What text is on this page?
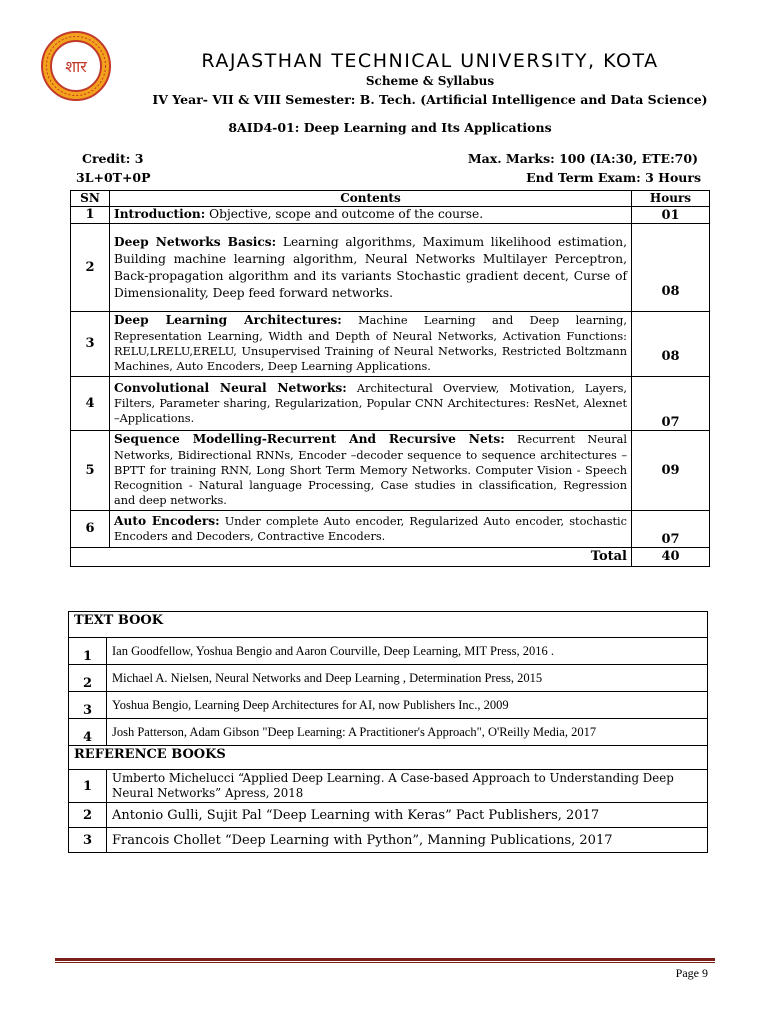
शार	RAJASTHAN TECHNICAL UNIVERSITY, KOTA
Scheme & Syllabus
IV Year- VII & VIII Semester: B. Tech. (Artificial Intelligence and Data Science)
8AID4-01: Deep Learning and Its Applications
Credit: 3
3L+0T+0P
Max. Marks: 100 (IA:30, ETE:70)
End Term Exam: 3 Hours
SN	Contents	Hours
1	Introduction: Objective, scope and outcome of the course.	01
2	Deep Networks Basics: Learning algorithms, Maximum likelihood estimation, Building machine learning algorithm, Neural Networks Multilayer Perceptron, Back-propagation algorithm and its variants Stochastic gradient decent, Curse of Dimensionality, Deep feed forward networks.	08
3	Deep Learning Architectures: Machine Learning and Deep learning, Representation Learning, Width and Depth of Neural Networks, Activation Functions: RELU,LRELU,ERELU, Unsupervised Training of Neural Networks, Restricted Boltzmann Machines, Auto Encoders, Deep Learning Applications.	08
4	Convolutional Neural Networks: Architectural Overview, Motivation, Layers, Filters, Parameter sharing, Regularization, Popular CNN Architectures: ResNet, Alexnet –Applications.	07
5	Sequence Modelling-Recurrent And Recursive Nets: Recurrent Neural Networks, Bidirectional RNNs, Encoder –decoder sequence to sequence architectures – BPTT for training RNN, Long Short Term Memory Networks. Computer Vision - Speech Recognition - Natural language Processing, Case studies in classification, Regression and deep networks.	09
6	Auto Encoders: Under complete Auto encoder, Regularized Auto encoder, stochastic Encoders and Decoders, Contractive Encoders.	07
Total		40
TEXT BOOK	
1	Ian Goodfellow, Yoshua Bengio and Aaron Courville, Deep Learning, MIT Press, 2016 .
2	Michael A. Nielsen, Neural Networks and Deep Learning , Determination Press, 2015
3	Yoshua Bengio, Learning Deep Architectures for AI, now Publishers Inc., 2009
4	Josh Patterson, Adam Gibson "Deep Learning: A Practitioner's Approach", O'Reilly Media, 2017
REFERENCE BOOKS	
1	Umberto Michelucci “Applied Deep Learning. A Case-based Approach to Understanding Deep Neural Networks” Apress, 2018
2	Antonio Gulli, Sujit Pal “Deep Learning with Keras” Pact Publishers, 2017
3	Francois Chollet “Deep Learning with Python”, Manning Publications, 2017
Page 9
